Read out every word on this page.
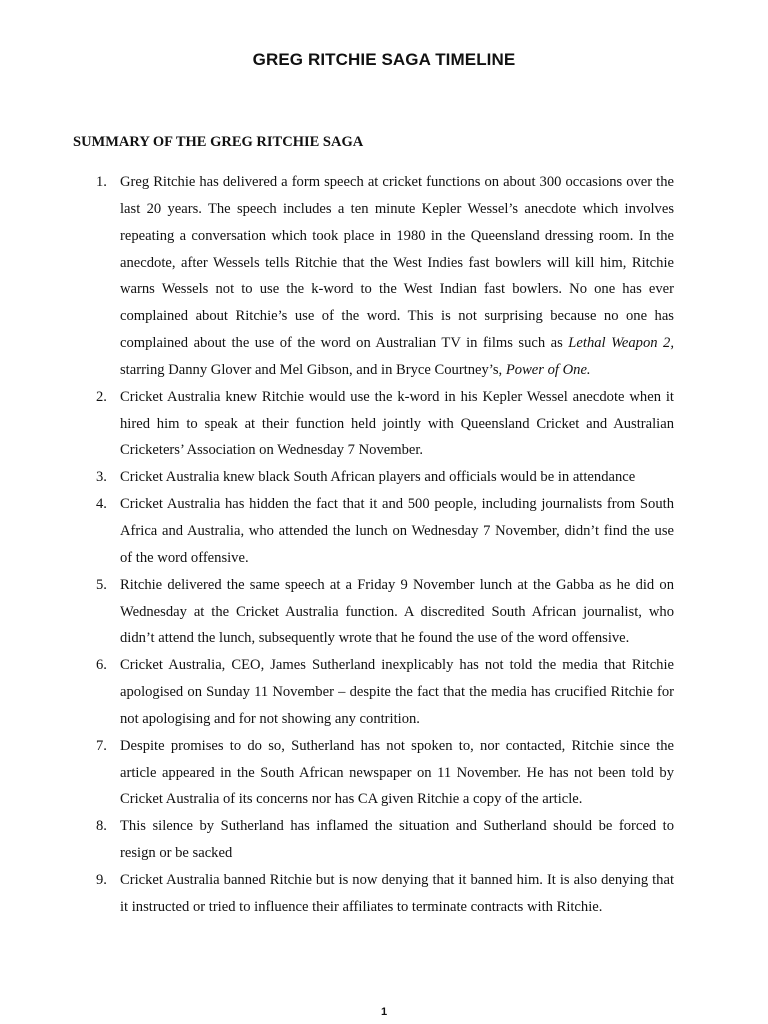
GREG RITCHIE SAGA TIMELINE
SUMMARY OF THE GREG RITCHIE SAGA
1. Greg Ritchie has delivered a form speech at cricket functions on about 300 occasions over the last 20 years. The speech includes a ten minute Kepler Wessel’s anecdote which involves repeating a conversation which took place in 1980 in the Queensland dressing room. In the anecdote, after Wessels tells Ritchie that the West Indies fast bowlers will kill him, Ritchie warns Wessels not to use the k-word to the West Indian fast bowlers. No one has ever complained about Ritchie’s use of the word. This is not surprising because no one has complained about the use of the word on Australian TV in films such as Lethal Weapon 2, starring Danny Glover and Mel Gibson, and in Bryce Courtney’s, Power of One.
2. Cricket Australia knew Ritchie would use the k-word in his Kepler Wessel anecdote when it hired him to speak at their function held jointly with Queensland Cricket and Australian Cricketers’ Association on Wednesday 7 November.
3. Cricket Australia knew black South African players and officials would be in attendance
4. Cricket Australia has hidden the fact that it and 500 people, including journalists from South Africa and Australia, who attended the lunch on Wednesday 7 November, didn’t find the use of the word offensive.
5. Ritchie delivered the same speech at a Friday 9 November lunch at the Gabba as he did on Wednesday at the Cricket Australia function. A discredited South African journalist, who didn’t attend the lunch, subsequently wrote that he found the use of the word offensive.
6. Cricket Australia, CEO, James Sutherland inexplicably has not told the media that Ritchie apologised on Sunday 11 November – despite the fact that the media has crucified Ritchie for not apologising and for not showing any contrition.
7. Despite promises to do so, Sutherland has not spoken to, nor contacted, Ritchie since the article appeared in the South African newspaper on 11 November. He has not been told by Cricket Australia of its concerns nor has CA given Ritchie a copy of the article.
8. This silence by Sutherland has inflamed the situation and Sutherland should be forced to resign or be sacked
9. Cricket Australia banned Ritchie but is now denying that it banned him. It is also denying that it instructed or tried to influence their affiliates to terminate contracts with Ritchie.
1
